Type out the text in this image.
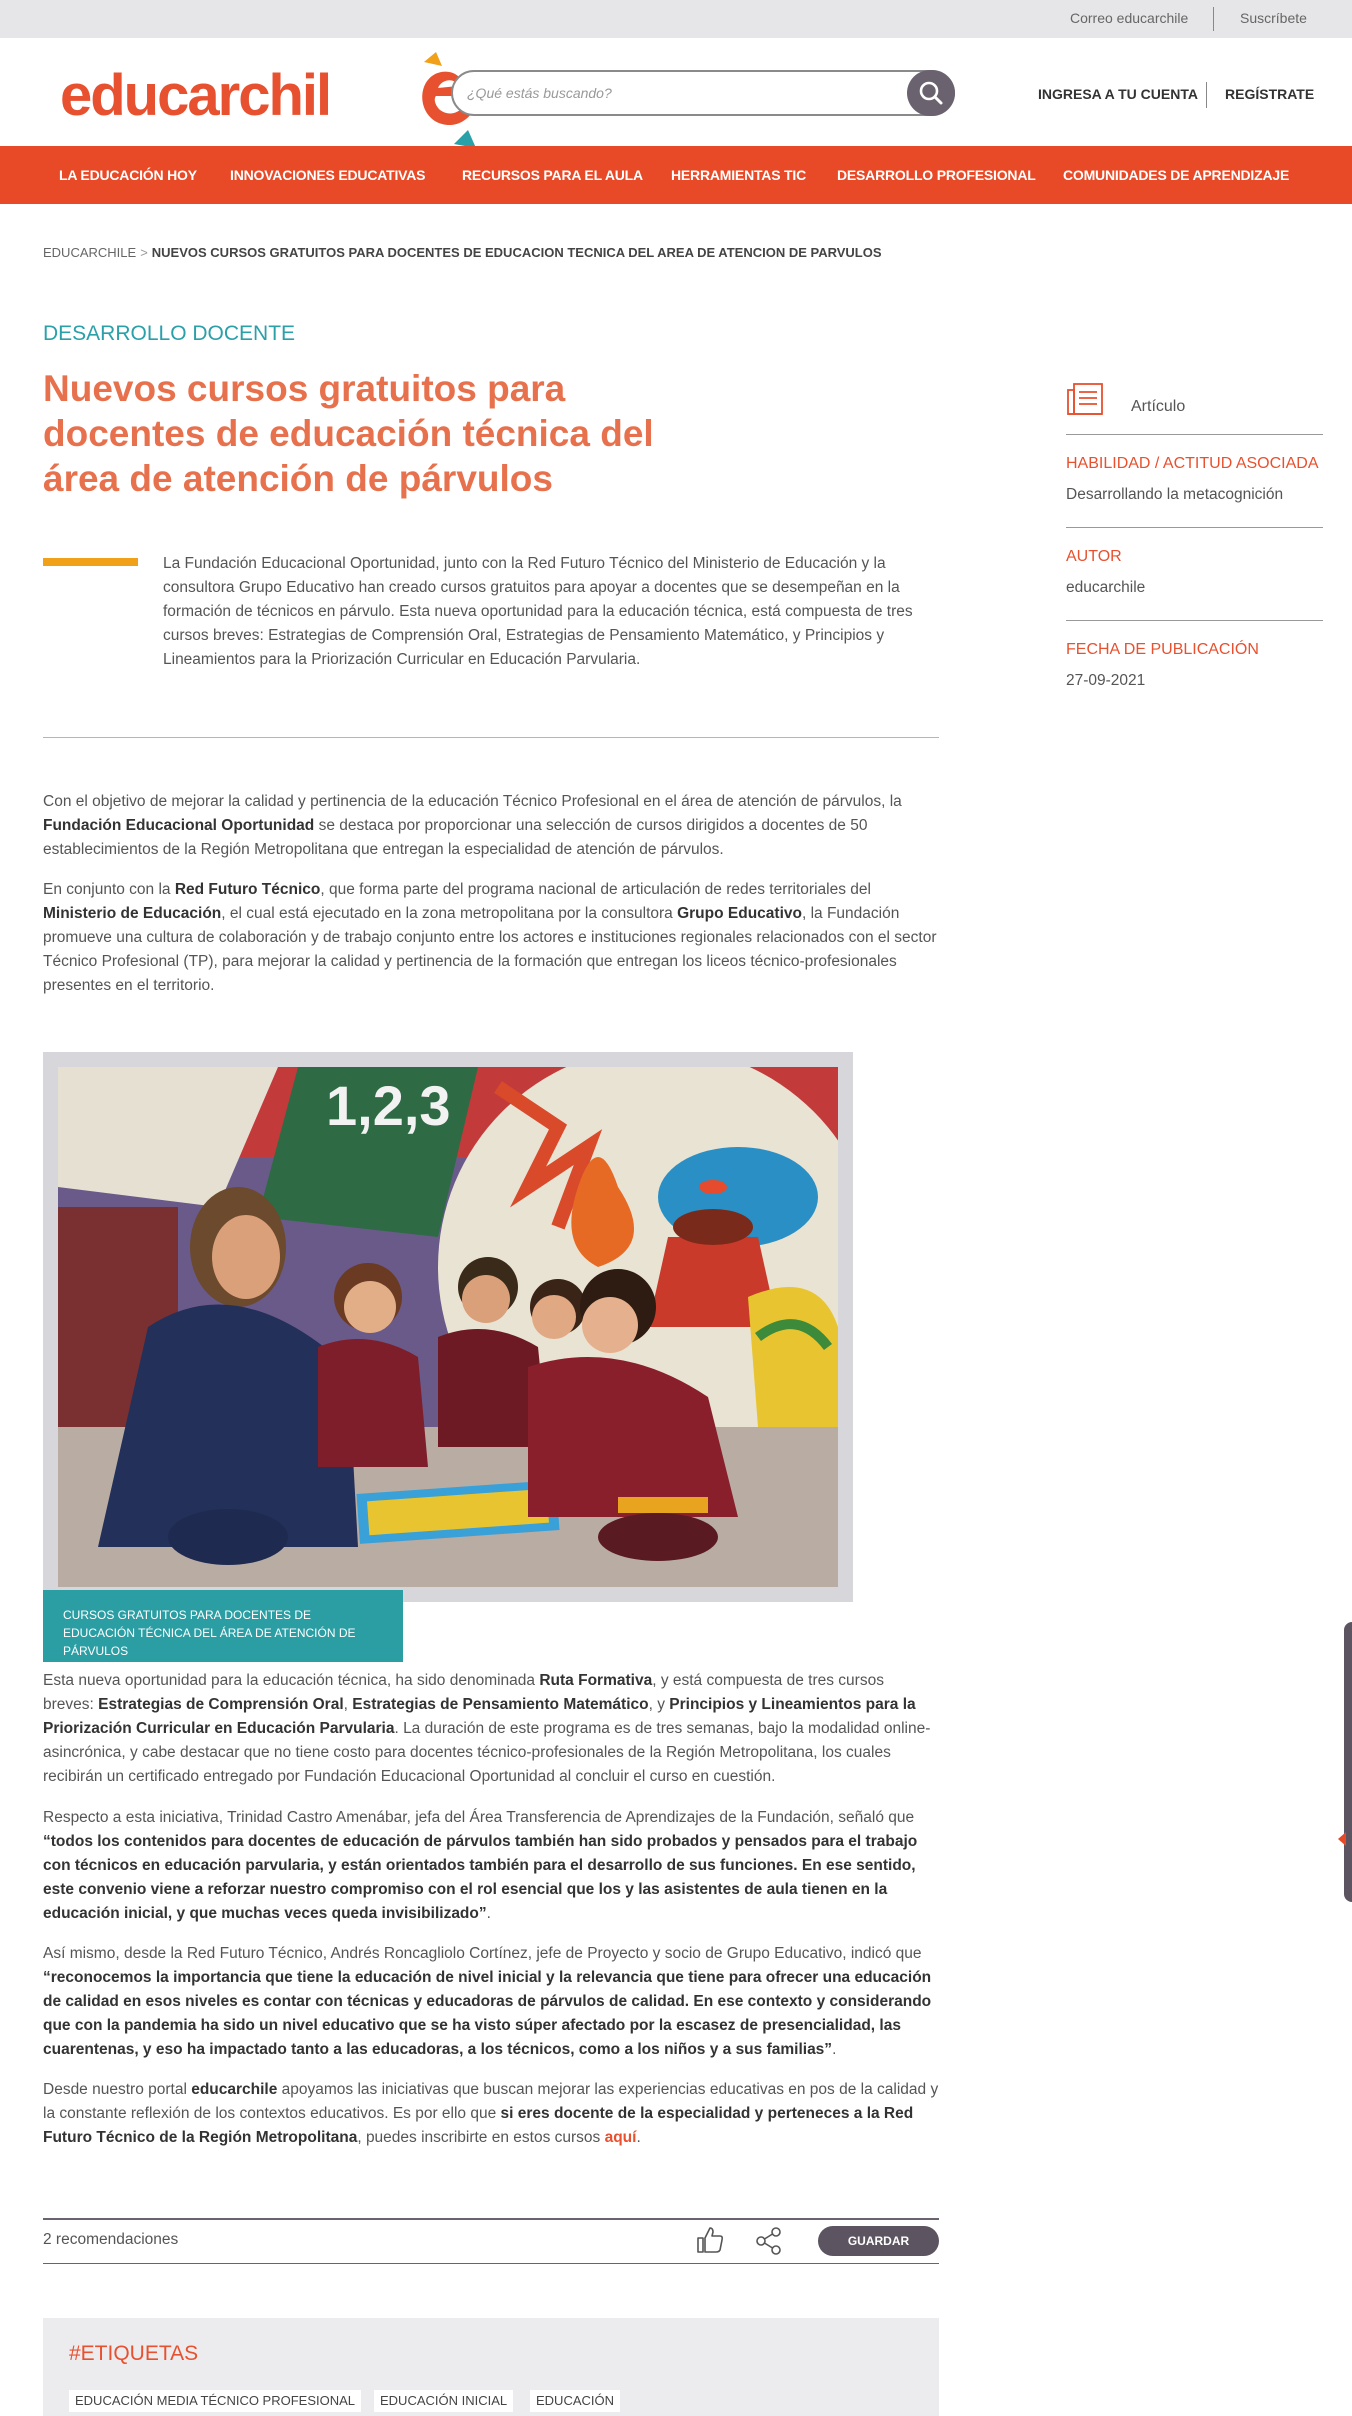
Correo educarchile	Suscríbete
educarchil
¿Qué estás buscando?	INGRESA A TU CUENTA REGÍSTRATE
LA EDUCACIÓN HOY INNOVACIONES EDUCATIVAS	RECURSOS PARA EL AULA HERRAMIENTAS TIC DESARROLLO PROFESIONAL COMUNIDADES DE APRENDIZAJE
EDUCARCHILE > NUEVOS CURSOS GRATUITOS PARA DOCENTES DE EDUCACION TECNICA DEL AREA DE ATENCION DE PARVULOS
DESARROLLO DOCENTE
Nuevos cursos gratuitos para docentes de educación técnica del área de atención de párvulos

La Fundación Educacional Oportunidad, junto con la Red Futuro Técnico del Ministerio de Educación y la consultora Grupo Educativo han creado cursos gratuitos para apoyar a docentes que se desempeñan en la formación de técnicos en párvulo. Esta nueva oportunidad para la educación técnica, está compuesta de tres cursos breves: Estrategias de Comprensión Oral, Estrategias de Pensamiento Matemático, y Principios y Lineamientos para la Priorización Curricular en Educación Parvularia.

Con el objetivo de mejorar la calidad y pertinencia de la educación Técnico Profesional en el área de atención de párvulos, la Fundación Educacional Oportunidad se destaca por proporcionar una selección de cursos dirigidos a docentes de 50 establecimientos de la Región Metropolitana que entregan la especialidad de atención de párvulos.

En conjunto con la Red Futuro Técnico, que forma parte del programa nacional de articulación de redes territoriales del Ministerio de Educación, el cual está ejecutado en la zona metropolitana por la consultora Grupo Educativo, la Fundación promueve una cultura de colaboración y de trabajo conjunto entre los actores e instituciones regionales relacionados con el sector Técnico Profesional (TP), para mejorar la calidad y pertinencia de la formación que entregan los liceos técnico-profesionales presentes en el territorio.

1,2,3
CURSOS GRATUITOS PARA DOCENTES DE EDUCACIÓN TÉCNICA DEL ÁREA DE ATENCIÓN DE PÁRVULOS

Esta nueva oportunidad para la educación técnica, ha sido denominada Ruta Formativa, y está compuesta de tres cursos breves: Estrategias de Comprensión Oral, Estrategias de Pensamiento Matemático, y Principios y Lineamientos para la Priorización Curricular en Educación Parvularia. La duración de este programa es de tres semanas, bajo la modalidad online-asincrónica, y cabe destacar que no tiene costo para docentes técnico-profesionales de la Región Metropolitana, los cuales recibirán un certificado entregado por Fundación Educacional Oportunidad al concluir el curso en cuestión.

Respecto a esta iniciativa, Trinidad Castro Amenábar, jefa del Área Transferencia de Aprendizajes de la Fundación, señaló que “todos los contenidos para docentes de educación de párvulos también han sido probados y pensados para el trabajo con técnicos en educación parvularia, y están orientados también para el desarrollo de sus funciones. En ese sentido, este convenio viene a reforzar nuestro compromiso con el rol esencial que los y las asistentes de aula tienen en la educación inicial, y que muchas veces queda invisibilizado”.

Así mismo, desde la Red Futuro Técnico, Andrés Roncagliolo Cortínez, jefe de Proyecto y socio de Grupo Educativo, indicó que “reconocemos la importancia que tiene la educación de nivel inicial y la relevancia que tiene para ofrecer una educación de calidad en esos niveles es contar con técnicas y educadoras de párvulos de calidad. En ese contexto y considerando que con la pandemia ha sido un nivel educativo que se ha visto súper afectado por la escasez de presencialidad, las cuarentenas, y eso ha impactado tanto a las educadoras, a los técnicos, como a los niños y a sus familias”.

Desde nuestro portal educarchile apoyamos las iniciativas que buscan mejorar las experiencias educativas en pos de la calidad y la constante reflexión de los contextos educativos. Es por ello que si eres docente de la especialidad y perteneces a la Red Futuro Técnico de la Región Metropolitana, puedes inscribirte en estos cursos aquí.

2 recomendaciones	GUARDAR
#ETIQUETAS
EDUCACIÓN MEDIA TÉCNICO PROFESIONAL	EDUCACIÓN INICIAL	EDUCACIÓN
Artículo
HABILIDAD / ACTITUD ASOCIADA
Desarrollando la metacognición
AUTOR
educarchile
FECHA DE PUBLICACIÓN
27-09-2021
